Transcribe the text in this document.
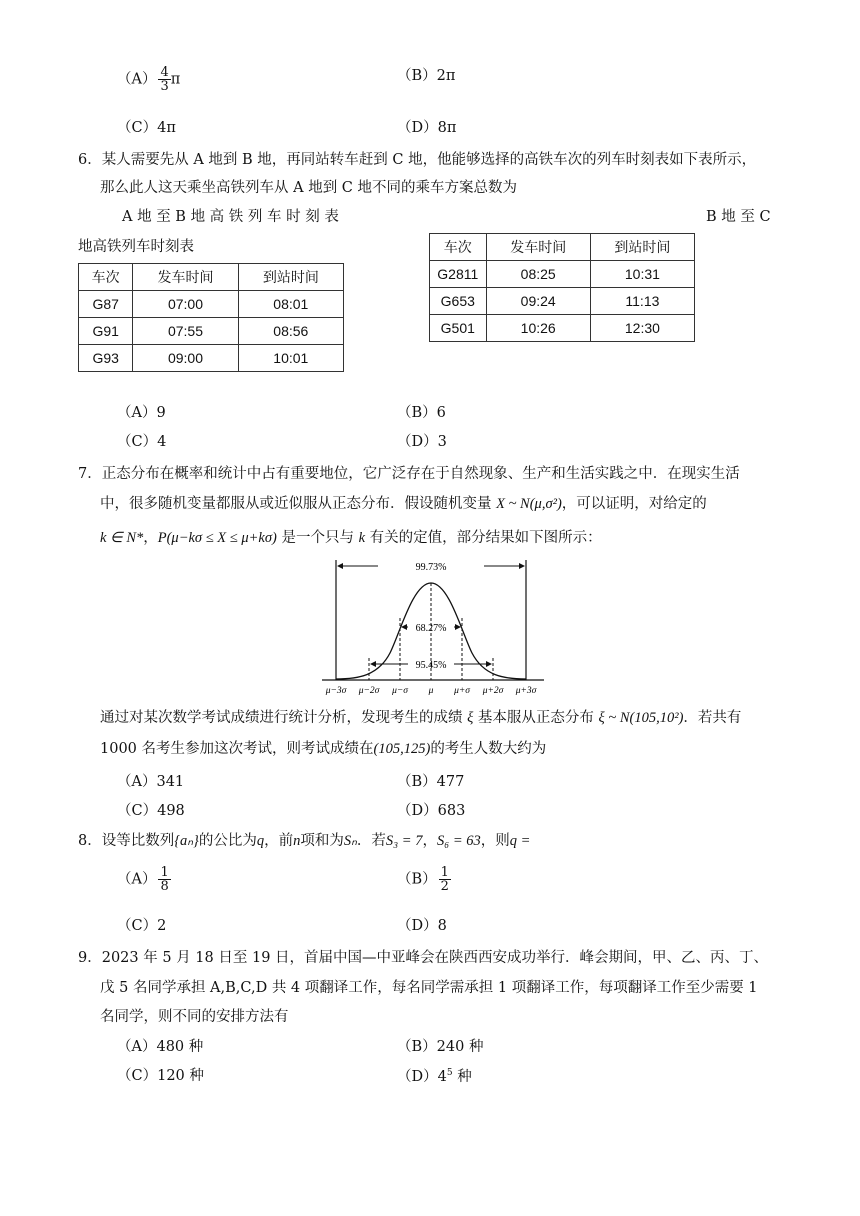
$(A) \frac{4}{3}$ π	（B）2π
（C）4π	（D）8π
6．某人需要先从 A 地到 B 地，再同站转车赶到 C 地，他能够选择的高铁车次的列车时刻表如下表所示，
那么此人这天乘坐高铁列车从 A 地到 C 地不同的乘车方案总数为
A 地 至 B 地 高 铁 列 车 时 刻 表	B 地 至 C
地高铁列车时刻表
车次	发车时间	到站时间
G87	07:00	08:01
G91	07:55	08:56
G93	09:00	10:01
车次	发车时间	到站时间
G2811	08:25	10:31
G653	09:24	11:13
G501	10:26	12:30
（A）9	（B）6
（C）4	（D）3
7．正态分布在概率和统计中占有重要地位，它广泛存在于自然现象、生产和生活实践之中．在现实生活
中，很多随机变量都服从或近似服从正态分布．假设随机变量 X ~ N(μ,σ²)，可以证明，对给定的
k ∈ N*，P(μ−kσ ≤ X ≤ μ+kσ) 是一个只与 k 有关的定值，部分结果如下图所示：
99.73%
68.27%
95.45%
μ−3σ μ−2σ μ−σ μ μ+σ μ+2σ μ+3σ
通过对某次数学考试成绩进行统计分析，发现考生的成绩 ξ 基本服从正态分布 ξ ~ N(105,10²)．若共有
1000 名考生参加这次考试，则考试成绩在(105,125)的考生人数大约为
（A）341	（B）477
（C）498	（D）683
8．设等比数列{aₙ}的公比为q，前n项和为Sₙ．若S₃ = 7，S₆ = 63，则q =
$(A) \frac{1}{8}$	$(B) \frac{1}{2}$
（C）2	（D）8
9．2023 年 5 月 18 日至 19 日，首届中国—中亚峰会在陕西西安成功举行．峰会期间，甲、乙、丙、丁、
戊 5 名同学承担 A,B,C,D 共 4 项翻译工作，每名同学需承担 1 项翻译工作，每项翻译工作至少需要 1
名同学，则不同的安排方法有
（A）480 种	（B）240 种
（C）120 种	$(D)4^5$ 种
